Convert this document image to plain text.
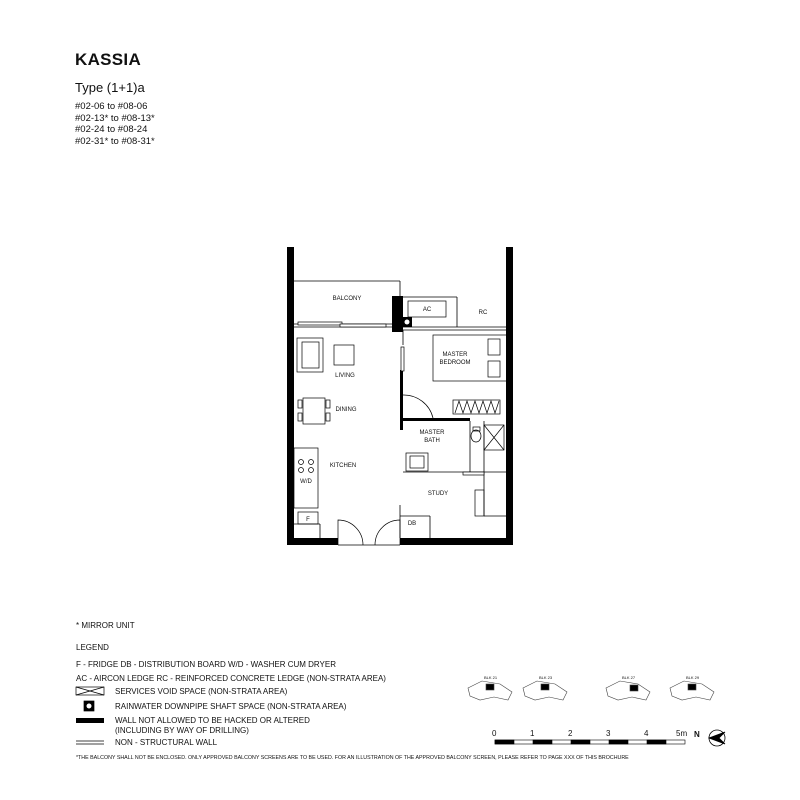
KASSIA
Type (1+1)a
#02-06 to #08-06
#02-13* to #08-13*
#02-24 to #08-24
#02-31* to #08-31*
BALCONY
AC	RC
MASTER
BEDROOM
LIVING
DINING
KITCHEN
MASTER
BATH
STUDY
W/D
F
DB
* MIRROR UNIT
LEGEND
F - FRIDGE DB - DISTRIBUTION BOARD W/D - WASHER CUM DRYER
AC - AIRCON LEDGE RC - REINFORCED CONCRETE LEDGE (NON-STRATA AREA)
SERVICES VOID SPACE (NON-STRATA AREA)
RAINWATER DOWNPIPE SHAFT SPACE (NON-STRATA AREA)
WALL NOT ALLOWED TO BE HACKED OR ALTERED
(INCLUDING BY WAY OF DRILLING)
NON - STRUCTURAL WALL
BLK 21	BLK 23	BLK 27	BLK 29
0	1	2	3	4	5m N
*THE BALCONY SHALL NOT BE ENCLOSED. ONLY APPROVED BALCONY SCREENS ARE TO BE USED. FOR AN ILLUSTRATION OF THE APPROVED BALCONY SCREEN, PLEASE REFER TO PAGE XXX OF THIS BROCHURE
